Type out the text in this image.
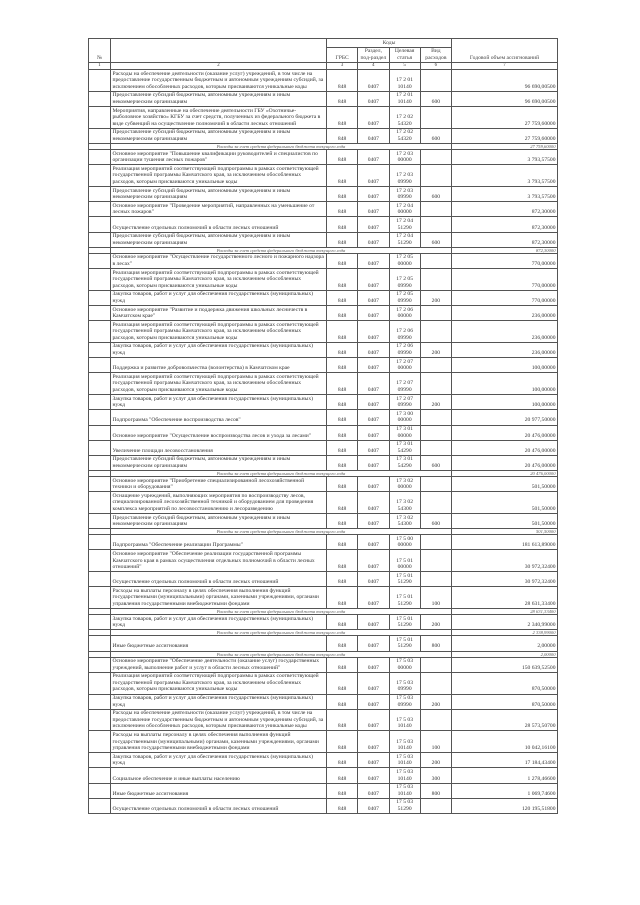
№		Коды				Годовой объем ассигнований
		ГРБС	Раздел, под-раздел	Целевая статья	Вид расходов	
1	2	3	4	5	6	7
	Расходы на обеспечение деятельности (оказание услуг) учреждений, в том числе на предоставление государственным бюджетным и автономным учреждениям субсидий, за исключением обособленных расходов, которым присваиваются уникальные коды	848	0407	17 2 01 10140		96 690,00500
	Предоставление субсидий бюджетным, автономным учреждениям и иным некоммерческим организациям	848	0407	17 2 01 10140	600	96 690,00500
	Мероприятия, направленные на обеспечение деятельности ГБУ «Охотничье-рыболовное хозяйство» КГБУ за счет средств, полученных из федерального бюджета в виде субвенций на осуществление полномочий в области лесных отношений	848	0407	17 2 02 54320		27 759,60000
	Предоставление субсидий бюджетным, автономным учреждениям и иным некоммерческим организациям	848	0407	17 2 02 54320	600	27 759,60000
	Расходы за счет средств федерального бюджета текущего года					27 759,60000
	Основное мероприятие "Повышение квалификации руководителей и специалистов по организации тушения лесных пожаров"	848	0407	17 2 03 00000		3 793,57500
	Реализация мероприятий соответствующей подпрограммы в рамках соответствующей государственной программы Камчатского края, за исключением обособленных расходов, которым присваиваются уникальные коды	848	0407	17 2 03 09990		3 793,57500
	Предоставление субсидий бюджетным, автономным учреждениям и иным некоммерческим организациям	848	0407	17 2 03 09990	600	3 793,57500
	Основное мероприятие "Проведение мероприятий, направленных на уменьшение от лесных пожаров"	848	0407	17 2 04 00000		872,30000
	Осуществление отдельных полномочий в области лесных отношений	848	0407	17 2 04 51290		872,30000
	Предоставление субсидий бюджетным, автономным учреждениям и иным некоммерческим организациям	848	0407	17 2 04 51290	600	872,30000
	Расходы за счет средств федерального бюджета текущего года					872,30000
	Основное мероприятие "Осуществление государственного лесного и пожарного надзора в лесах"	848	0407	17 2 05 00000		770,00000
	Реализация мероприятий соответствующей подпрограммы в рамках соответствующей государственной программы Камчатского края, за исключением обособленных расходов, которым присваиваются уникальные коды	848	0407	17 2 05 09990		770,00000
	Закупка товаров, работ и услуг для обеспечения государственных (муниципальных) нужд	848	0407	17 2 05 09990	200	770,00000
	Основное мероприятие "Развитие и поддержка движения школьных лесничеств в Камчатском крае"	848	0407	17 2 06 00000		236,00000
	Реализация мероприятий соответствующей подпрограммы в рамках соответствующей государственной программы Камчатского края, за исключением обособленных расходов, которым присваиваются уникальные коды	848	0407	17 2 06 09990		236,00000
	Закупка товаров, работ и услуг для обеспечения государственных (муниципальных) нужд	848	0407	17 2 06 09990	200	236,00000
	Поддержка и развитие добровольчества (волонтерства) в Камчатском крае	848	0407	17 2 07 00000		100,00000
	Реализация мероприятий соответствующей подпрограммы в рамках соответствующей государственной программы Камчатского края, за исключением обособленных расходов, которым присваиваются уникальные коды	848	0407	17 2 07 09990		100,00000
	Закупка товаров, работ и услуг для обеспечения государственных (муниципальных) нужд	848	0407	17 2 07 09990	200	100,00000
	Подпрограмма "Обеспечение воспроизводства лесов"	848	0407	17 3 00 00000		20 977,50000
	Основное мероприятие "Осуществление воспроизводства лесов и ухода за лесами"	848	0407	17 3 01 00000		20 476,00000
	Увеличение площади лесовосстановления	848	0407	17 3 01 54290		20 476,00000
	Предоставление субсидий бюджетным, автономным учреждениям и иным некоммерческим организациям	848	0407	17 3 01 54290	600	20 476,00000
	Расходы за счет средств федерального бюджета текущего года					20 476,00000
	Основное мероприятие "Приобретение специализированной лесохозяйственной техники и оборудования"	848	0407	17 3 02 00000		501,50000
	Оснащение учреждений, выполняющих мероприятия по воспроизводству лесов, специализированной лесохозяйственной техникой и оборудованием для проведения комплекса мероприятий по лесовосстановлению и лесоразведению	848	0407	17 3 02 54300		501,50000
	Предоставление субсидий бюджетным, автономным учреждениям и иным некоммерческим организациям	848	0407	17 3 02 54300	600	501,50000
	Расходы за счет средств федерального бюджета текущего года					501,50000
	Подпрограмма "Обеспечение реализации Программы"	848	0407	17 5 00 00000		181 613,89000
	Основное мероприятие "Обеспечение реализации государственной программы Камчатского края в рамках осуществления отдельных полномочий в области лесных отношений"	848	0407	17 5 01 00000		30 972,32400
	Осуществление отдельных полномочий в области лесных отношений	848	0407	17 5 01 51290		30 972,32400
	Расходы на выплаты персоналу в целях обеспечения выполнения функций государственными (муниципальными) органами, казенными учреждениями, органами управления государственными внебюджетными фондами	848	0407	17 5 01 51290	100	28 631,33400
	Расходы за счет средств федерального бюджета текущего года					28 631,33400
	Закупка товаров, работ и услуг для обеспечения государственных (муниципальных) нужд	848	0407	17 5 01 51290	200	2 340,99000
	Расходы за счет средств федерального бюджета текущего года					2 338,99000
	Иные бюджетные ассигнования	848	0407	17 5 01 51290	800	2,00000
	Расходы за счет средств федерального бюджета текущего года					2,00000
	Основное мероприятие "Обеспечение деятельности (оказание услуг) государственных учреждений, выполнение работ и услуг в области лесных отношений"	848	0407	17 5 03 00000		150 639,52500
	Реализация мероприятий соответствующей подпрограммы в рамках соответствующей государственной программы Камчатского края, за исключением обособленных расходов, которым присваиваются уникальные коды	848	0407	17 5 03 09990		870,50000
	Закупка товаров, работ и услуг для обеспечения государственных (муниципальных) нужд	848	0407	17 5 03 09990	200	870,50000
	Расходы на обеспечение деятельности (оказание услуг) учреждений, в том числе на предоставление государственным бюджетным и автономным учреждениям субсидий, за исключением обособленных расходов, которым присваиваются уникальные коды	848	0407	17 5 03 10140		28 573,50700
	Расходы на выплаты персоналу в целях обеспечения выполнения функций государственными (муниципальными) органами, казенными учреждениями, органами управления государственными внебюджетными фондами	848	0407	17 5 03 10140	100	10 042,16100
	Закупка товаров, работ и услуг для обеспечения государственных (муниципальных) нужд	848	0407	17 5 03 10140	200	17 184,43400
	Социальное обеспечение и иные выплаты населению	848	0407	17 5 03 10140	300	1 278,46600
	Иные бюджетные ассигнования	848	0407	17 5 03 10140	800	1 069,74600
	Осуществление отдельных полномочий в области лесных отношений	848	0407	17 5 03 51290		120 195,51800
